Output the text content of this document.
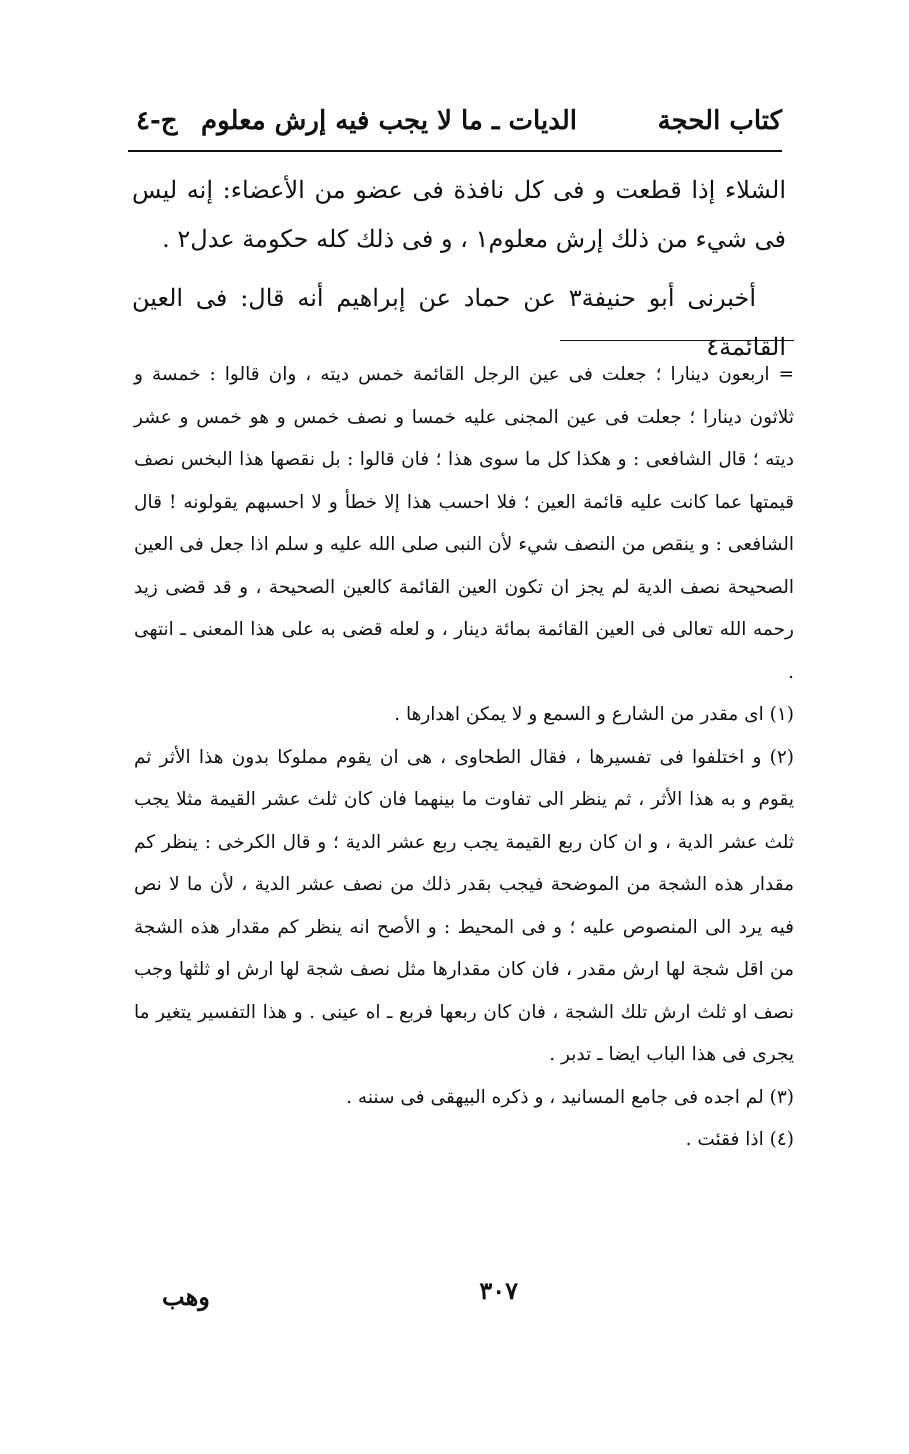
كتاب الحجة
الديات ـ ما لا يجب فيه إرش معلوم
ج-٤

الشلاء إذا قطعت و فى كل نافذة فى عضو من الأعضاء: إنه ليس فى شيء من ذلك إرش معلوم١ ، و فى ذلك كله حكومة عدل٢ .

أخبرنى أبو حنيفة٣ عن حماد عن إبراهيم أنه قال: فى العين القائمة٤

= اربعون دينارا ؛ جعلت فى عين الرجل القائمة خمس ديته ، وان قالوا : خمسة و ثلاثون دينارا ؛ جعلت فى عين المجنى عليه خمسا و نصف خمس و هو خمس و عشر ديته ؛ قال الشافعى : و هكذا كل ما سوى هذا ؛ فان قالوا : بل نقصها هذا البخس نصف قيمتها عما كانت عليه قائمة العين ؛ فلا احسب هذا إلا خطأ و لا احسبهم يقولونه ! قال الشافعى : و ينقص من النصف شيء لأن النبى صلى الله عليه و سلم اذا جعل فى العين الصحيحة نصف الدية لم يجز ان تكون العين القائمة كالعين الصحيحة ، و قد قضى زيد رحمه الله تعالى فى العين القائمة بمائة دينار ، و لعله قضى به على هذا المعنى ـ انتهى .

(١) اى مقدر من الشارع و السمع و لا يمكن اهدارها .

(٢) و اختلفوا فى تفسيرها ، فقال الطحاوى ، هى ان يقوم مملوكا بدون هذا الأثر ثم يقوم و به هذا الأثر ، ثم ينظر الى تفاوت ما بينهما فان كان ثلث عشر القيمة مثلا يجب ثلث عشر الدية ، و ان كان ربع القيمة يجب ربع عشر الدية ؛ و قال الكرخى : ينظر كم مقدار هذه الشجة من الموضحة فيجب بقدر ذلك من نصف عشر الدية ، لأن ما لا نص فيه يرد الى المنصوص عليه ؛ و فى المحيط : و الأصح انه ينظر كم مقدار هذه الشجة من اقل شجة لها ارش مقدر ، فان كان مقدارها مثل نصف شجة لها ارش او ثلثها وجب نصف او ثلث ارش تلك الشجة ، فان كان ربعها فربع ـ اه عينى . و هذا التفسير يتغير ما يجرى فى هذا الباب ايضا ـ تدبر .

(٣) لم اجده فى جامع المسانيد ، و ذكره البيهقى فى سننه .

(٤) اذا فقئت .

٣٠٧
وهب
